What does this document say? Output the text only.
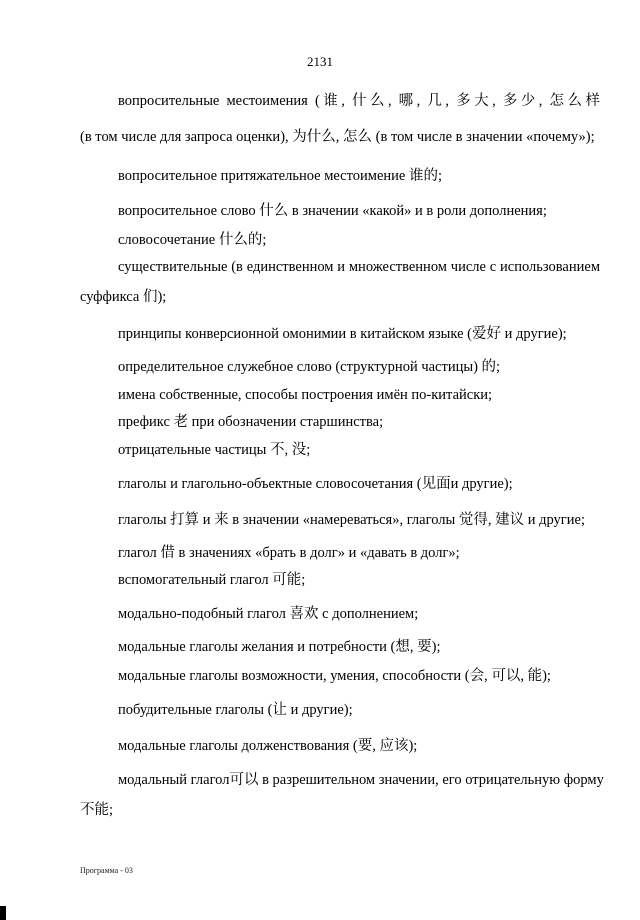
2131
вопросительные местоимения (谁, 什么, 哪, 几, 多大, 多少, 怎么样
(в том числе для запроса оценки), 为什么, 怎么 (в том числе в значении «почему»);
вопросительное притяжательное местоимение 谁的;
вопросительное слово 什么 в значении «какой» и в роли дополнения;
словосочетание 什么的;
существительные (в единственном и множественном числе с использованием
суффикса 们);
принципы конверсионной омонимии в китайском языке (爱好 и другие);
определительное служебное слово (структурной частицы) 的;
имена собственные, способы построения имён по-китайски;
префикс 老 при обозначении старшинства;
отрицательные частицы 不, 没;
глаголы и глагольно-объектные словосочетания (见面и другие);
глаголы 打算 и 来 в значении «намереваться», глаголы 觉得, 建议 и другие;
глагол 借 в значениях «брать в долг» и «давать в долг»;
вспомогательный глагол 可能;
модально-подобный глагол 喜欢 с дополнением;
модальные глаголы желания и потребности (想, 要);
модальные глаголы возможности, умения, способности (会, 可以, 能);
побудительные глаголы (让 и другие);
модальные глаголы долженствования (要, 应该);
модальный глагол可以 в разрешительном значении, его отрицательную форму
不能;
Программа - 03
